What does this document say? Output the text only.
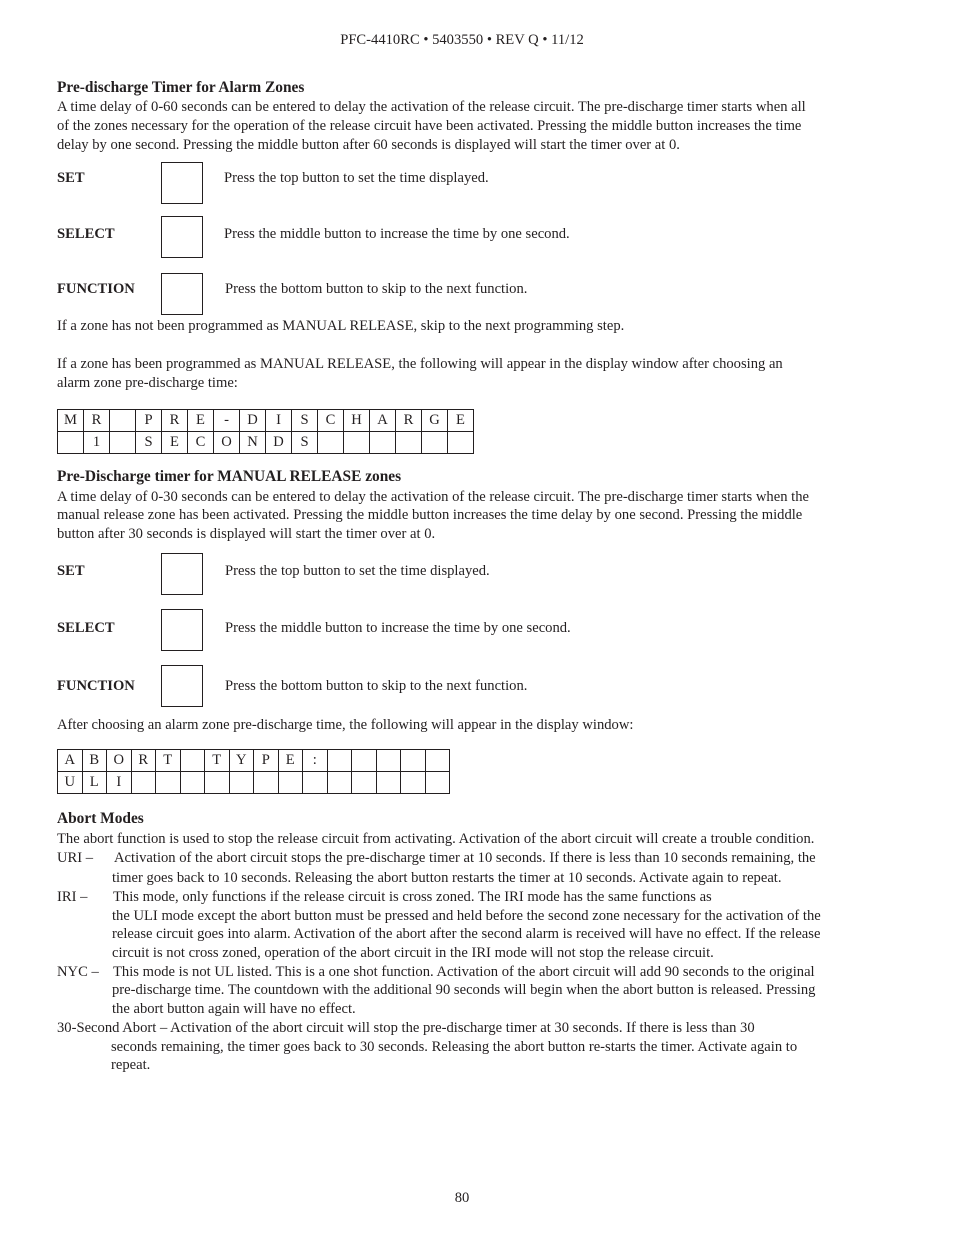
PFC-4410RC • 5403550 • REV Q • 11/12
Pre-discharge Timer for Alarm Zones
A time delay of 0-60 seconds can be entered to delay the activation of the release circuit. The pre-discharge timer starts when all
of the zones necessary for the operation of the release circuit have been activated. Pressing the middle button increases the time
delay by one second. Pressing the middle button after 60 seconds is displayed will start the timer over at 0.
SET	Press the top button to set the time displayed.
SELECT	Press the middle button to increase the time by one second.
FUNCTION	Press the bottom button to skip to the next function.
If a zone has not been programmed as MANUAL RELEASE, skip to the next programming step.
If a zone has been programmed as MANUAL RELEASE, the following will appear in the display window after choosing an
alarm zone pre-discharge time:
M	R		P	R	E	-	D	I	S	C	H	A	R	G	E
	1		S	E	C	O	N	D	S						
Pre-Discharge timer for MANUAL RELEASE zones
A time delay of 0-30 seconds can be entered to delay the activation of the release circuit. The pre-discharge timer starts when the
manual release zone has been activated. Pressing the middle button increases the time delay by one second. Pressing the middle
button after 30 seconds is displayed will start the timer over at 0.
SET	Press the top button to set the time displayed.
SELECT	Press the middle button to increase the time by one second.
FUNCTION	Press the bottom button to skip to the next function.
After choosing an alarm zone pre-discharge time, the following will appear in the display window:
A	B	O	R	T		T	Y	P	E	:					
U	L	I													
Abort Modes
The abort function is used to stop the release circuit from activating. Activation of the abort circuit will create a trouble condition.
URI – Activation of the abort circuit stops the pre-discharge timer at 10 seconds. If there is less than 10 seconds remaining, the
timer goes back to 10 seconds. Releasing the abort button restarts the timer at 10 seconds. Activate again to repeat.
IRI – This mode, only functions if the release circuit is cross zoned. The IRI mode has the same functions as
the ULI mode except the abort button must be pressed and held before the second zone necessary for the activation of the
release circuit goes into alarm. Activation of the abort after the second alarm is received will have no effect. If the release
circuit is not cross zoned, operation of the abort circuit in the IRI mode will not stop the release circuit.
NYC – This mode is not UL listed. This is a one shot function. Activation of the abort circuit will add 90 seconds to the original
pre-discharge time. The countdown with the additional 90 seconds will begin when the abort button is released. Pressing
the abort button again will have no effect.
30-Second Abort – Activation of the abort circuit will stop the pre-discharge timer at 30 seconds. If there is less than 30
seconds remaining, the timer goes back to 30 seconds. Releasing the abort button re-starts the timer. Activate again to
repeat.
80
